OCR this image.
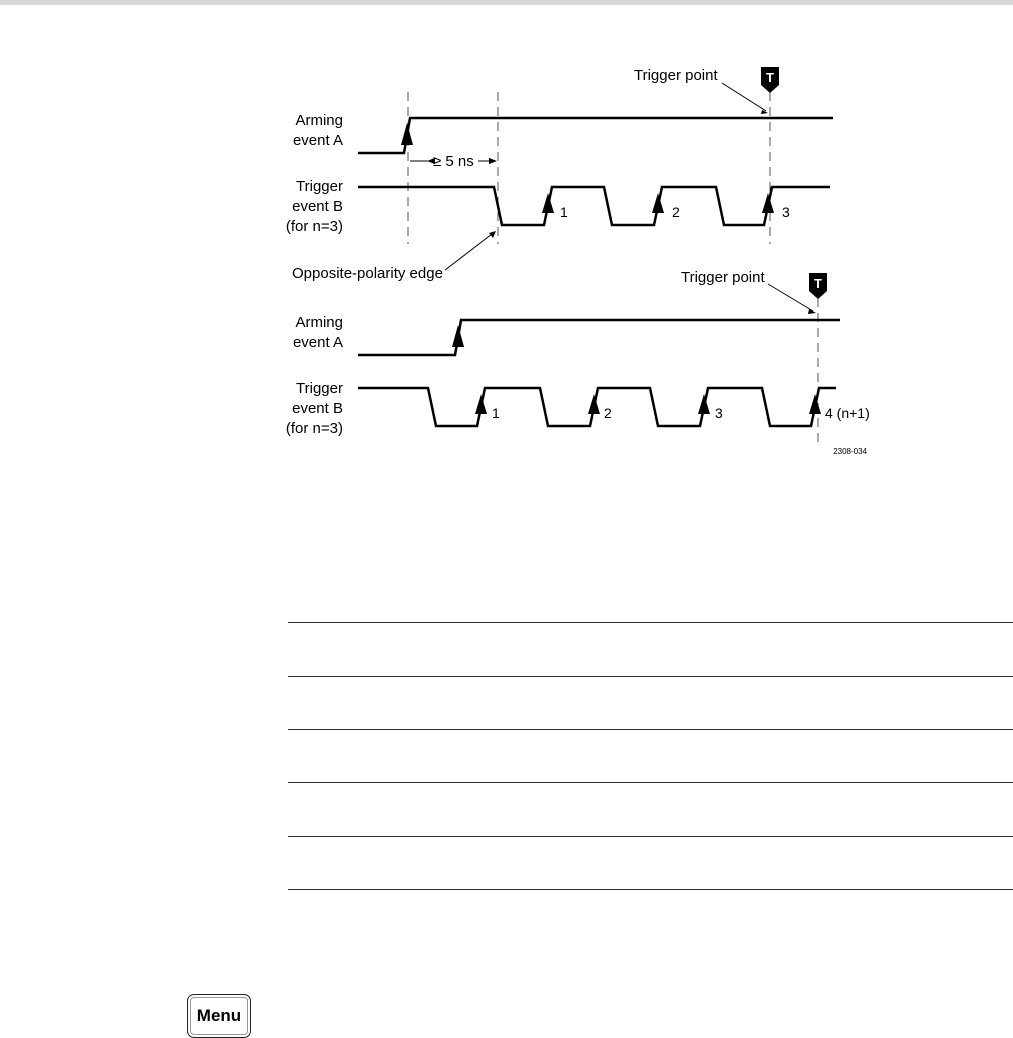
Trigger point	T
Arming
event A
≥ 5 ns
Trigger
event B
(for n=3)
1	2	3
Opposite-polarity edge	Trigger point	T
Arming
event A
Trigger
event B
(for n=3)
1	2	3	4 (n+1)
2308-034
Menu
